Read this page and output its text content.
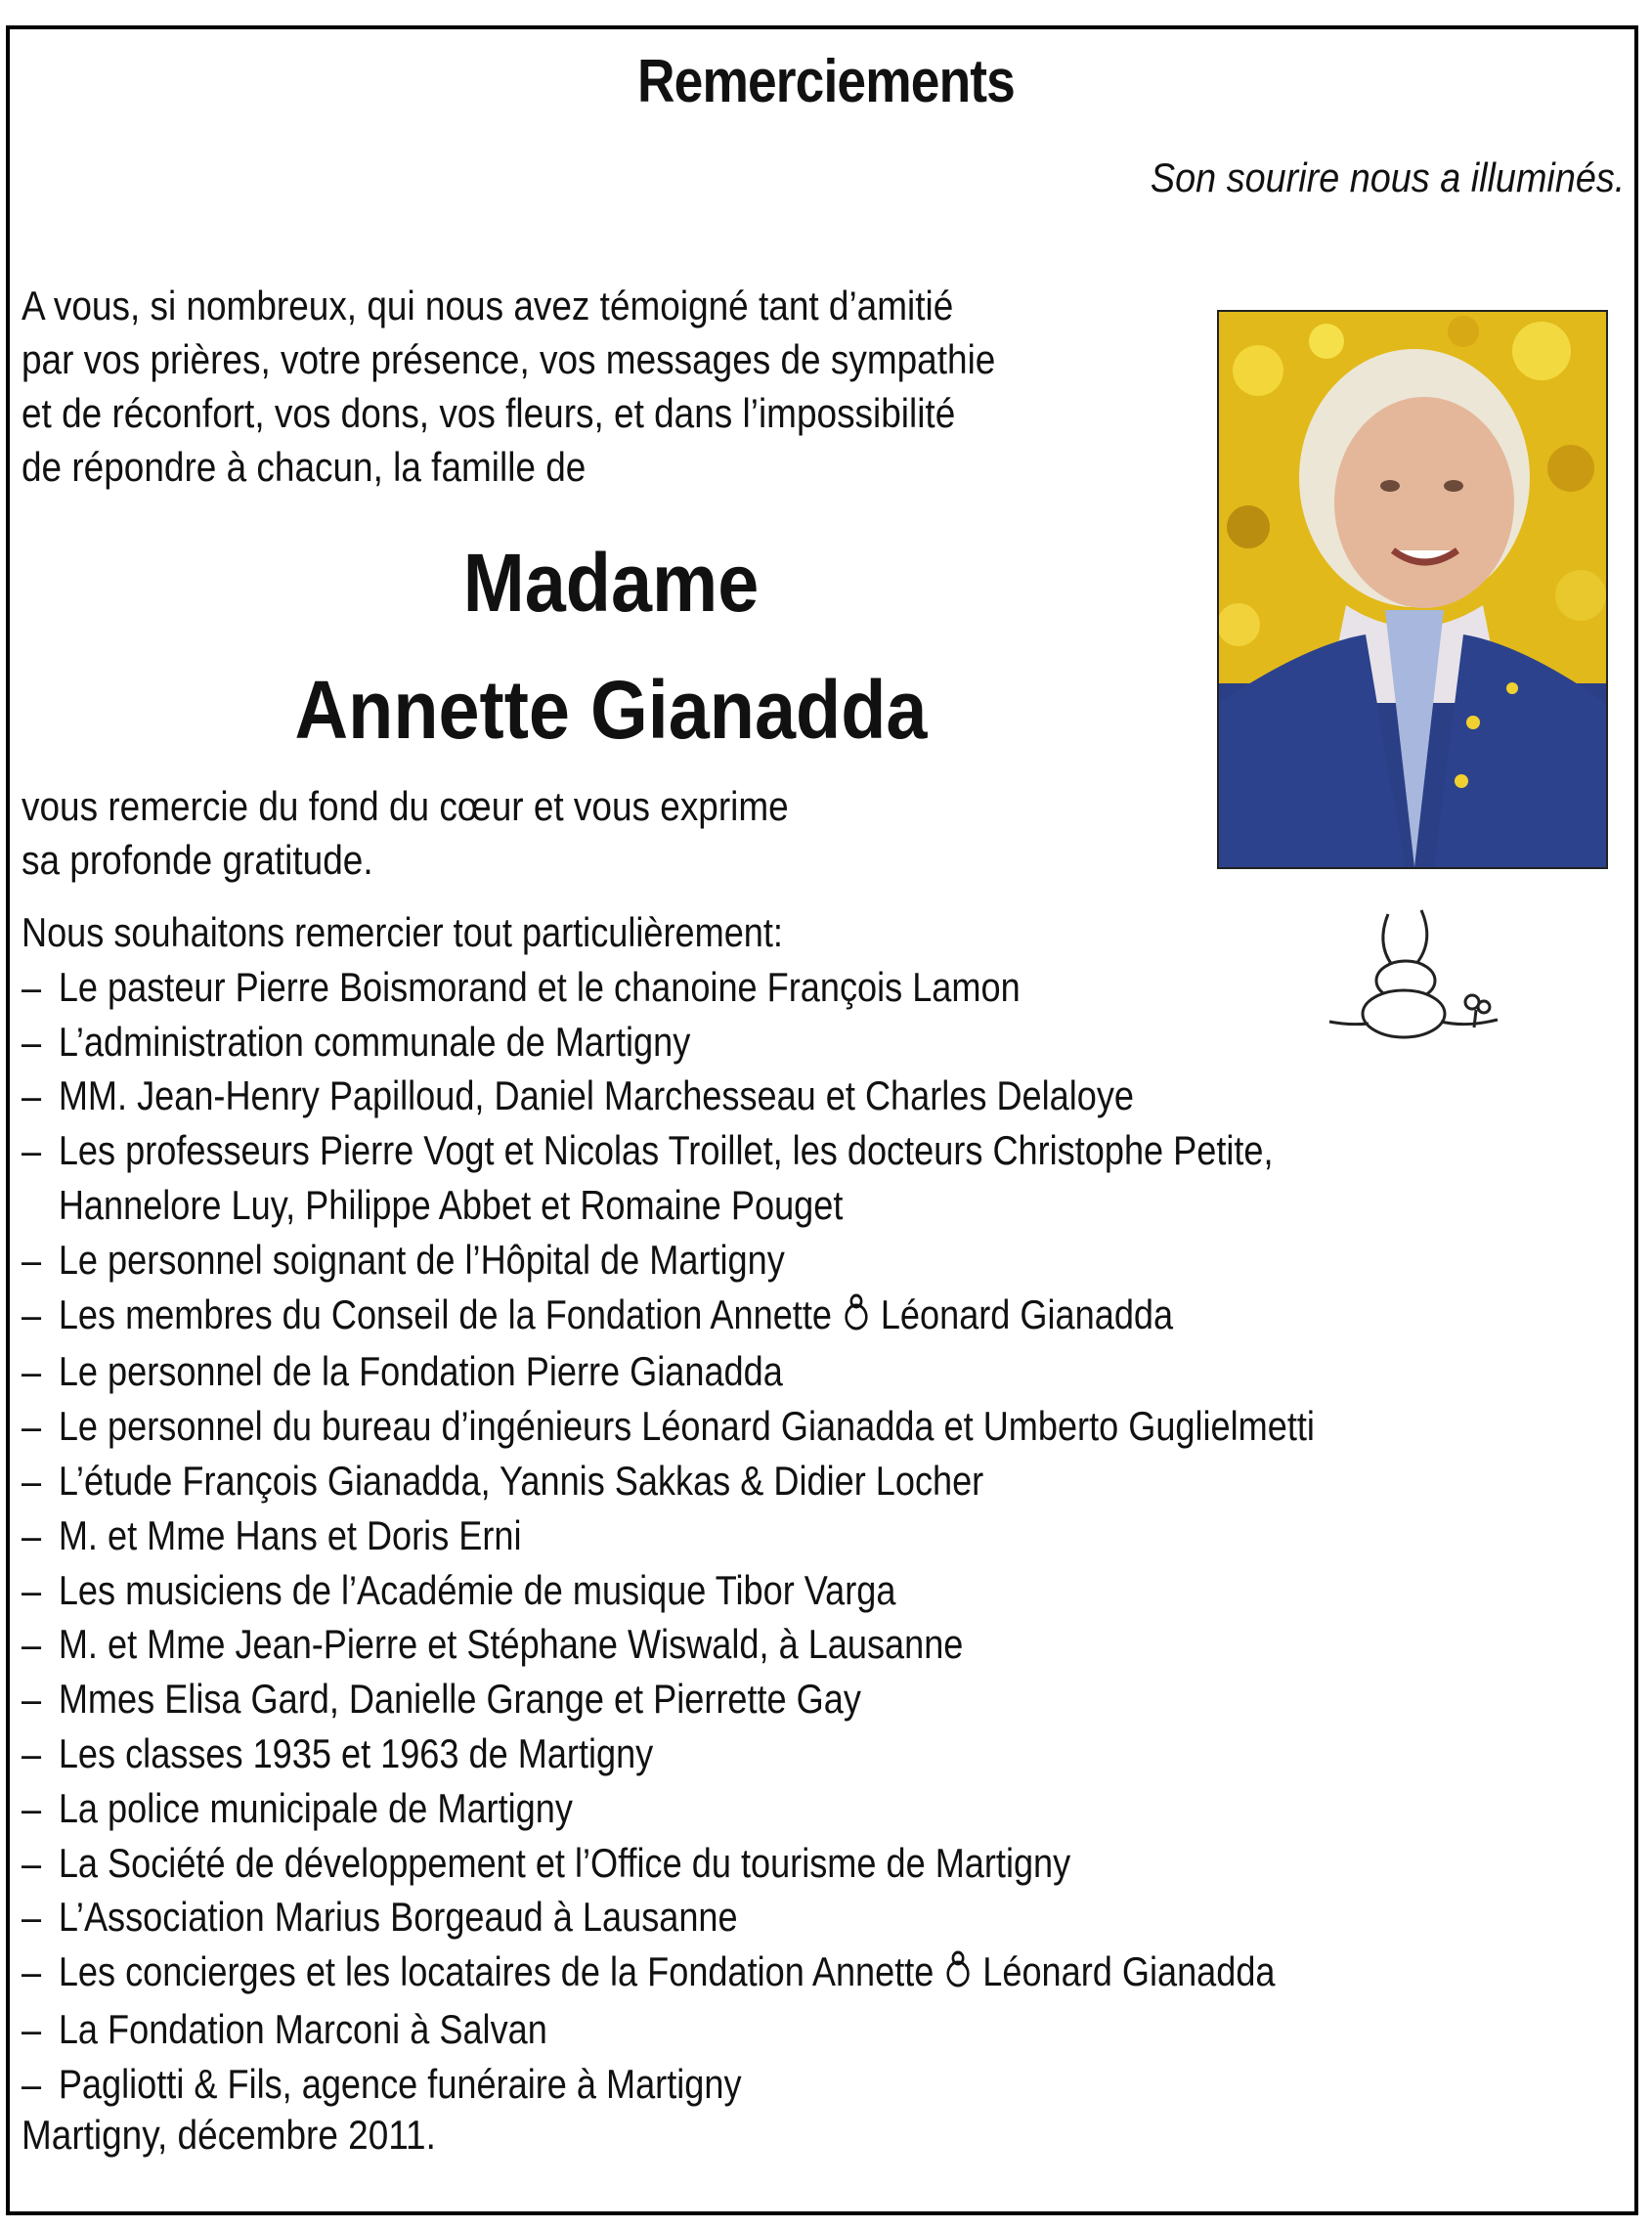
Remerciements
Son sourire nous a illuminés.
A vous, si nombreux, qui nous avez témoigné tant d’amitié
par vos prières, votre présence, vos messages de sympathie
et de réconfort, vos dons, vos fleurs, et dans l’impossibilité
de répondre à chacun, la famille de
Madame
Annette Gianadda
vous remercie du fond du cœur et vous exprime
sa profonde gratitude.
Nous souhaitons remercier tout particulièrement:
– Le pasteur Pierre Boismorand et le chanoine François Lamon
– L’administration communale de Martigny
– MM. Jean-Henry Papilloud, Daniel Marchesseau et Charles Delaloye
– Les professeurs Pierre Vogt et Nicolas Troillet, les docteurs Christophe Petite,
Hannelore Luy, Philippe Abbet et Romaine Pouget
– Le personnel soignant de l’Hôpital de Martigny
– Les membres du Conseil de la Fondation Annette Léonard Gianadda
– Le personnel de la Fondation Pierre Gianadda
– Le personnel du bureau d’ingénieurs Léonard Gianadda et Umberto Guglielmetti
– L’étude François Gianadda, Yannis Sakkas & Didier Locher
– M. et Mme Hans et Doris Erni
– Les musiciens de l’Académie de musique Tibor Varga
– M. et Mme Jean-Pierre et Stéphane Wiswald, à Lausanne
– Mmes Elisa Gard, Danielle Grange et Pierrette Gay
– Les classes 1935 et 1963 de Martigny
– La police municipale de Martigny
– La Société de développement et l’Office du tourisme de Martigny
– L’Association Marius Borgeaud à Lausanne
– Les concierges et les locataires de la Fondation Annette Léonard Gianadda
– La Fondation Marconi à Salvan
– Pagliotti & Fils, agence funéraire à Martigny
Martigny, décembre 2011.
